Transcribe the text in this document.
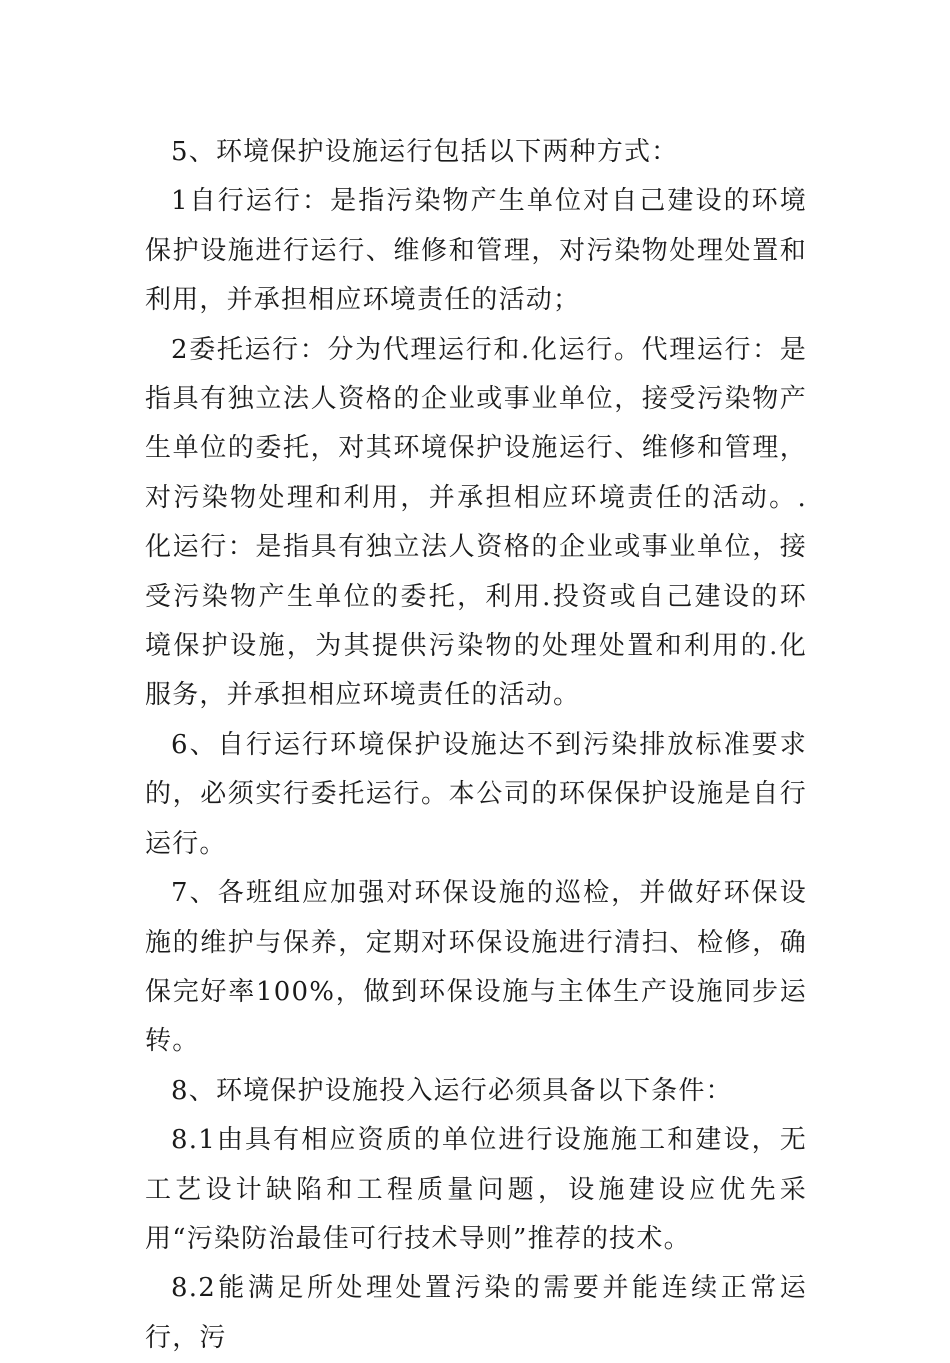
5、环境保护设施运行包括以下两种方式：

1自行运行：是指污染物产生单位对自己建设的环境保护设施进行运行、维修和管理，对污染物处理处置和利用，并承担相应环境责任的活动；

2委托运行：分为代理运行和.化运行。代理运行：是指具有独立法人资格的企业或事业单位，接受污染物产生单位的委托，对其环境保护设施运行、维修和管理，对污染物处理和利用，并承担相应环境责任的活动。.化运行：是指具有独立法人资格的企业或事业单位，接受污染物产生单位的委托，利用.投资或自己建设的环境保护设施，为其提供污染物的处理处置和利用的.化服务，并承担相应环境责任的活动。

6、自行运行环境保护设施达不到污染排放标准要求的，必须实行委托运行。本公司的环保保护设施是自行运行。

7、各班组应加强对环保设施的巡检，并做好环保设施的维护与保养，定期对环保设施进行清扫、检修，确保完好率100%，做到环保设施与主体生产设施同步运转。

8、环境保护设施投入运行必须具备以下条件：

8.1由具有相应资质的单位进行设施施工和建设，无工艺设计缺陷和工程质量问题，设施建设应优先采用“污染防治最佳可行技术导则”推荐的技术。

8.2能满足所处理处置污染的需要并能连续正常运行，污
